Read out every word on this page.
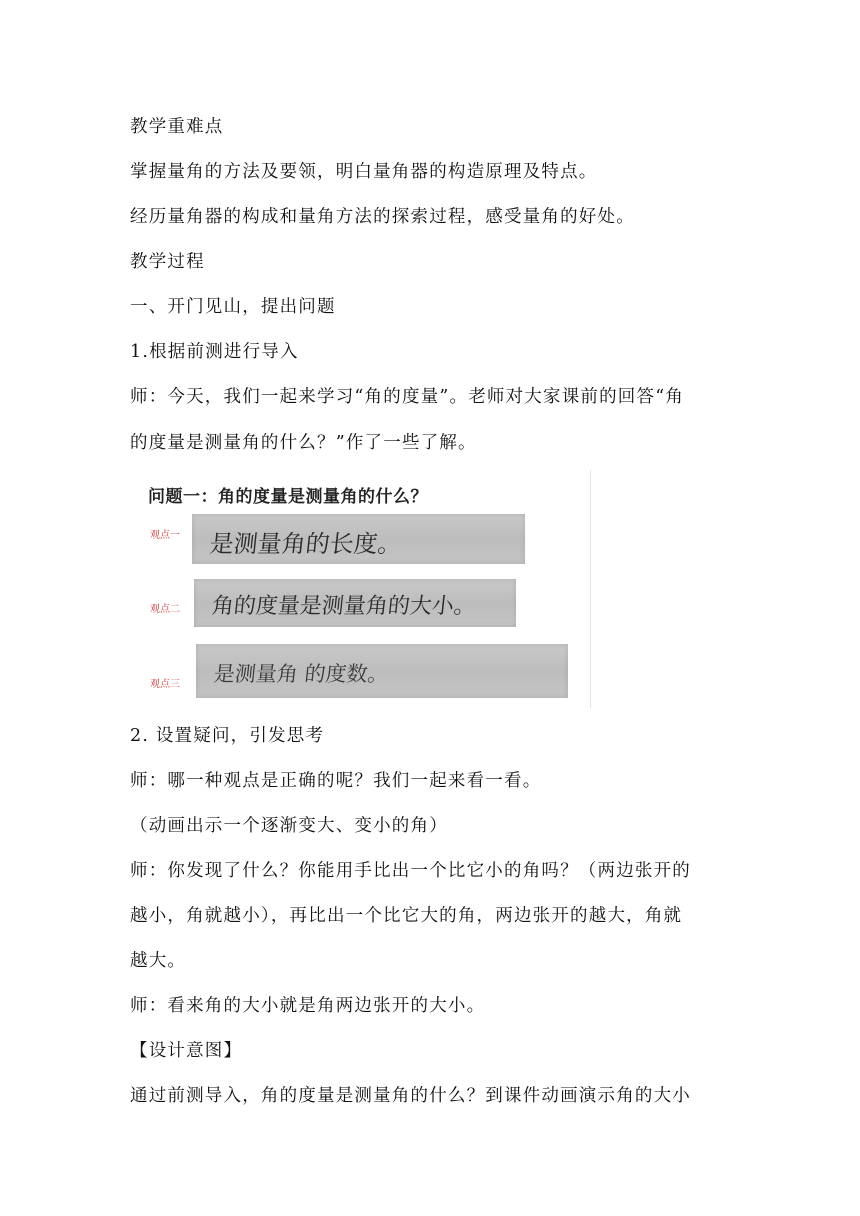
教学重难点
掌握量角的方法及要领，明白量角器的构造原理及特点。
经历量角器的构成和量角方法的探索过程，感受量角的好处。
教学过程
一、开门见山，提出问题
1.根据前测进行导入
师：今天，我们一起来学习“角的度量”。老师对大家课前的回答“角
的度量是测量角的什么？”作了一些了解。
问题一：角的度量是测量角的什么？
观点一 是测量角的长度。
观点二 角的度量是测量角的大小。
观点三 是测量角 的度数。
2. 设置疑问，引发思考
师：哪一种观点是正确的呢？我们一起来看一看。
（动画出示一个逐渐变大、变小的角）
师：你发现了什么？你能用手比出一个比它小的角吗？（两边张开的
越小，角就越小），再比出一个比它大的角，两边张开的越大，角就
越大。
师：看来角的大小就是角两边张开的大小。
【设计意图】
通过前测导入，角的度量是测量角的什么？到课件动画演示角的大小
